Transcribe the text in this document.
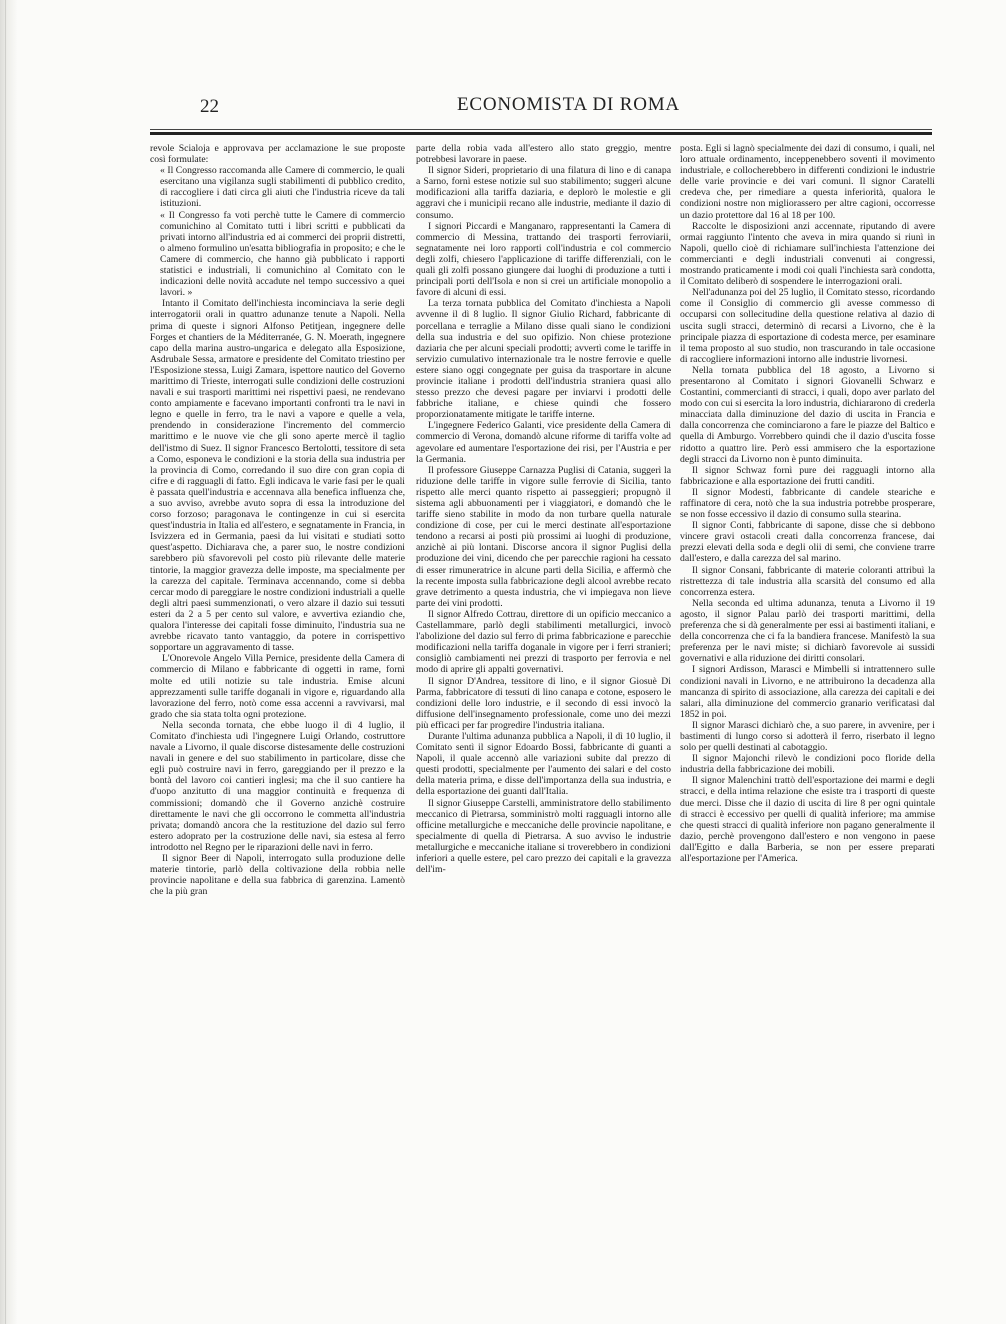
22	ECONOMISTA DI ROMA

revole Scialoja e approvava per acclamazione le sue proposte così formulate:

« Il Congresso raccomanda alle Camere di commercio, le quali esercitano una vigilanza sugli stabilimenti di pubblico credito, di raccogliere i dati circa gli aiuti che l'industria riceve da tali istituzioni.

« Il Congresso fa voti perchè tutte le Camere di commercio comunichino al Comitato tutti i libri scritti e pubblicati da privati intorno all'industria ed ai commerci dei proprii distretti, o almeno formulino un'esatta bibliografia in proposito; e che le Camere di commercio, che hanno già pubblicato i rapporti statistici e industriali, li comunichino al Comitato con le indicazioni delle novità accadute nel tempo successivo a quei lavori. »

Intanto il Comitato dell'inchiesta incominciava la serie degli interrogatorii orali in quattro adunanze tenute a Napoli. Nella prima di queste i signori Alfonso Petitjean, ingegnere delle Forges et chantiers de la Méditerranée, G. N. Moerath, ingegnere capo della marina austro-ungarica e delegato alla Esposizione, Asdrubale Sessa, armatore e presidente del Comitato triestino per l'Esposizione stessa, Luigi Zamara, ispettore nautico del Governo marittimo di Trieste, interrogati sulle condizioni delle costruzioni navali e sui trasporti marittimi nei rispettivi paesi, ne rendevano conto ampiamente e facevano importanti confronti tra le navi in legno e quelle in ferro, tra le navi a vapore e quelle a vela, prendendo in considerazione l'incremento del commercio marittimo e le nuove vie che gli sono aperte mercè il taglio dell'istmo di Suez. Il signor Francesco Bertolotti, tessitore di seta a Como, esponeva le condizioni e la storia della sua industria per la provincia di Como, corredando il suo dire con gran copia di cifre e di ragguagli di fatto. Egli indicava le varie fasi per le quali è passata quell'industria e accennava alla benefica influenza che, a suo avviso, avrebbe avuto sopra di essa la introduzione del corso forzoso; paragonava le contingenze in cui si esercita quest'industria in Italia ed all'estero, e segnatamente in Francia, in Isvizzera ed in Germania, paesi da lui visitati e studiati sotto quest'aspetto. Dichiarava che, a parer suo, le nostre condizioni sarebbero più sfavorevoli pel costo più rilevante delle materie tintorie, la maggior gravezza delle imposte, ma specialmente per la carezza del capitale. Terminava accennando, come si debba cercar modo di pareggiare le nostre condizioni industriali a quelle degli altri paesi summenzionati, o vero alzare il dazio sui tessuti esteri da 2 a 5 per cento sul valore, e avvertiva eziandio che, qualora l'interesse dei capitali fosse diminuito, l'industria sua ne avrebbe ricavato tanto vantaggio, da potere in corrispettivo sopportare un aggravamento di tasse.

L'Onorevole Angelo Villa Pernice, presidente della Camera di commercio di Milano e fabbricante di oggetti in rame, fornì molte ed utili notizie su tale industria. Emise alcuni apprezzamenti sulle tariffe doganali in vigore e, riguardando alla lavorazione del ferro, notò come essa accenni a ravvivarsi, mal grado che sia stata tolta ogni protezione.

Nella seconda tornata, che ebbe luogo il dì 4 luglio, il Comitato d'inchiesta udì l'ingegnere Luigi Orlando, costruttore navale a Livorno, il quale discorse distesamente delle costruzioni navali in genere e del suo stabilimento in particolare, disse che egli può costruire navi in ferro, gareggiando per il prezzo e la bontà del lavoro coi cantieri inglesi; ma che il suo cantiere ha d'uopo anzitutto di una maggior continuità e frequenza di commissioni; domandò che il Governo anzichè costruire direttamente le navi che gli occorrono le commetta all'industria privata; domandò ancora che la restituzione del dazio sul ferro estero adoprato per la costruzione delle navi, sia estesa al ferro introdotto nel Regno per le riparazioni delle navi in ferro.

Il signor Beer di Napoli, interrogato sulla produzione delle materie tintorie, parlò della coltivazione della robbia nelle provincie napolitane e della sua fabbrica di garenzina. Lamentò che la più gran

parte della robia vada all'estero allo stato greggio, mentre potrebbesi lavorare in paese.

Il signor Sideri, proprietario di una filatura di lino e di canapa a Sarno, fornì estese notizie sul suo stabilimento; suggerì alcune modificazioni alla tariffa daziaria, e deplorò le molestie e gli aggravi che i municipii recano alle industrie, mediante il dazio di consumo.

I signori Piccardi e Manganaro, rappresentanti la Camera di commercio di Messina, trattando dei trasporti ferroviarii, segnatamente nei loro rapporti coll'industria e col commercio degli zolfi, chiesero l'applicazione di tariffe differenziali, con le quali gli zolfi possano giungere dai luoghi di produzione a tutti i principali porti dell'Isola e non si crei un artificiale monopolio a favore di alcuni di essi.

La terza tornata pubblica del Comitato d'inchiesta a Napoli avvenne il dì 8 luglio. Il signor Giulio Richard, fabbricante di porcellana e terraglie a Milano disse quali siano le condizioni della sua industria e del suo opifizio. Non chiese protezione daziaria che per alcuni speciali prodotti; avvertì come le tariffe in servizio cumulativo internazionale tra le nostre ferrovie e quelle estere siano oggi congegnate per guisa da trasportare in alcune provincie italiane i prodotti dell'industria straniera quasi allo stesso prezzo che devesi pagare per inviarvi i prodotti delle fabbriche italiane, e chiese quindi che fossero proporzionatamente mitigate le tariffe interne.

L'ingegnere Federico Galanti, vice presidente della Camera di commercio di Verona, domandò alcune riforme di tariffa volte ad agevolare ed aumentare l'esportazione dei risi, per l'Austria e per la Germania.

Il professore Giuseppe Carnazza Puglisi di Catania, suggerì la riduzione delle tariffe in vigore sulle ferrovie di Sicilia, tanto rispetto alle merci quanto rispetto ai passeggieri; propugnò il sistema agli abbuonamenti per i viaggiatori, e domandò che le tariffe sieno stabilite in modo da non turbare quella naturale condizione di cose, per cui le merci destinate all'esportazione tendono a recarsi ai posti più prossimi ai luoghi di produzione, anzichè ai più lontani. Discorse ancora il signor Puglisi della produzione dei vini, dicendo che per parecchie ragioni ha cessato di esser rimuneratrice in alcune parti della Sicilia, e affermò che la recente imposta sulla fabbricazione degli alcool avrebbe recato grave detrimento a questa industria, che vi impiegava non lieve parte dei vini prodotti.

Il signor Alfredo Cottrau, direttore di un opificio meccanico a Castellammare, parlò degli stabilimenti metallurgici, invocò l'abolizione del dazio sul ferro di prima fabbricazione e parecchie modificazioni nella tariffa doganale in vigore per i ferri stranieri; consigliò cambiamenti nei prezzi di trasporto per ferrovia e nel modo di aprire gli appalti governativi.

Il signor D'Andrea, tessitore di lino, e il signor Giosuè Di Parma, fabbricatore di tessuti di lino canapa e cotone, esposero le condizioni delle loro industrie, e il secondo di essi invocò la diffusione dell'insegnamento professionale, come uno dei mezzi più efficaci per far progredire l'industria italiana.

Durante l'ultima adunanza pubblica a Napoli, il dì 10 luglio, il Comitato sentì il signor Edoardo Bossi, fabbricante di guanti a Napoli, il quale accennò alle variazioni subite dal prezzo di questi prodotti, specialmente per l'aumento dei salari e del costo della materia prima, e disse dell'importanza della sua industria, e della esportazione dei guanti dall'Italia.

Il signor Giuseppe Carstelli, amministratore dello stabilimento meccanico di Pietrarsa, somministrò molti ragguagli intorno alle officine metallurgiche e meccaniche delle provincie napolitane, e specialmente di quella di Pietrarsa. A suo avviso le industrie metallurgiche e meccaniche italiane si troverebbero in condizioni inferiori a quelle estere, pel caro prezzo dei capitali e la gravezza dell'im-

posta. Egli si lagnò specialmente dei dazi di consumo, i quali, nel loro attuale ordinamento, inceppenebbero soventi il movimento industriale, e collocherebbero in differenti condizioni le industrie delle varie provincie e dei vari comuni. Il signor Caratelli credeva che, per rimediare a questa inferiorità, qualora le condizioni nostre non migliorassero per altre cagioni, occorresse un dazio protettore dal 16 al 18 per 100.

Raccolte le disposizioni anzi accennate, riputando di avere ormai raggiunto l'intento che aveva in mira quando si riunì in Napoli, quello cioè di richiamare sull'inchiesta l'attenzione dei commercianti e degli industriali convenuti ai congressi, mostrando praticamente i modi coi quali l'inchiesta sarà condotta, il Comitato deliberò di sospendere le interrogazioni orali.

Nell'adunanza poi del 25 luglio, il Comitato stesso, ricordando come il Consiglio di commercio gli avesse commesso di occuparsi con sollecitudine della questione relativa al dazio di uscita sugli stracci, determinò di recarsi a Livorno, che è la principale piazza di esportazione di codesta merce, per esaminare il tema proposto al suo studio, non trascurando in tale occasione di raccogliere informazioni intorno alle industrie livornesi.

Nella tornata pubblica del 18 agosto, a Livorno si presentarono al Comitato i signori Giovanelli Schwarz e Costantini, commercianti di stracci, i quali, dopo aver parlato del modo con cui si esercita la loro industria, dichiararono di crederla minacciata dalla diminuzione del dazio di uscita in Francia e dalla concorrenza che cominciarono a fare le piazze del Baltico e quella di Amburgo. Vorrebbero quindi che il dazio d'uscita fosse ridotto a quattro lire. Però essi ammisero che la esportazione degli stracci da Livorno non è punto diminuita.

Il signor Schwaz fornì pure dei ragguagli intorno alla fabbricazione e alla esportazione dei frutti canditi.

Il signor Modesti, fabbricante di candele steariche e raffinatore di cera, notò che la sua industria potrebbe prosperare, se non fosse eccessivo il dazio di consumo sulla stearina.

Il signor Conti, fabbricante di sapone, disse che si debbono vincere gravi ostacoli creati dalla concorrenza francese, dai prezzi elevati della soda e degli olii di semi, che conviene trarre dall'estero, e dalla carezza del sal marino.

Il signor Consani, fabbricante di materie coloranti attribuì la ristrettezza di tale industria alla scarsità del consumo ed alla concorrenza estera.

Nella seconda ed ultima adunanza, tenuta a Livorno il 19 agosto, il signor Palau parlò dei trasporti marittimi, della preferenza che si dà generalmente per essi ai bastimenti italiani, e della concorrenza che ci fa la bandiera francese. Manifestò la sua preferenza per le navi miste; si dichiarò favorevole ai sussidi governativi e alla riduzione dei diritti consolari.

I signori Ardisson, Marasci e Mimbelli si intrattennero sulle condizioni navali in Livorno, e ne attribuirono la decadenza alla mancanza di spirito di associazione, alla carezza dei capitali e dei salari, alla diminuzione del commercio granario verificatasi dal 1852 in poi.

Il signor Marasci dichiarò che, a suo parere, in avvenire, per i bastimenti di lungo corso si adotterà il ferro, riserbato il legno solo per quelli destinati al cabotaggio.

Il signor Majonchi rilevò le condizioni poco floride della industria della fabbricazione dei mobili.

Il signor Malenchini trattò dell'esportazione dei marmi e degli stracci, e della intima relazione che esiste tra i trasporti di queste due merci. Disse che il dazio di uscita di lire 8 per ogni quintale di stracci è eccessivo per quelli di qualità inferiore; ma ammise che questi stracci di qualità inferiore non pagano generalmente il dazio, perchè provengono dall'estero e non vengono in paese dall'Egitto e dalla Barberia, se non per essere preparati all'esportazione per l'America.
